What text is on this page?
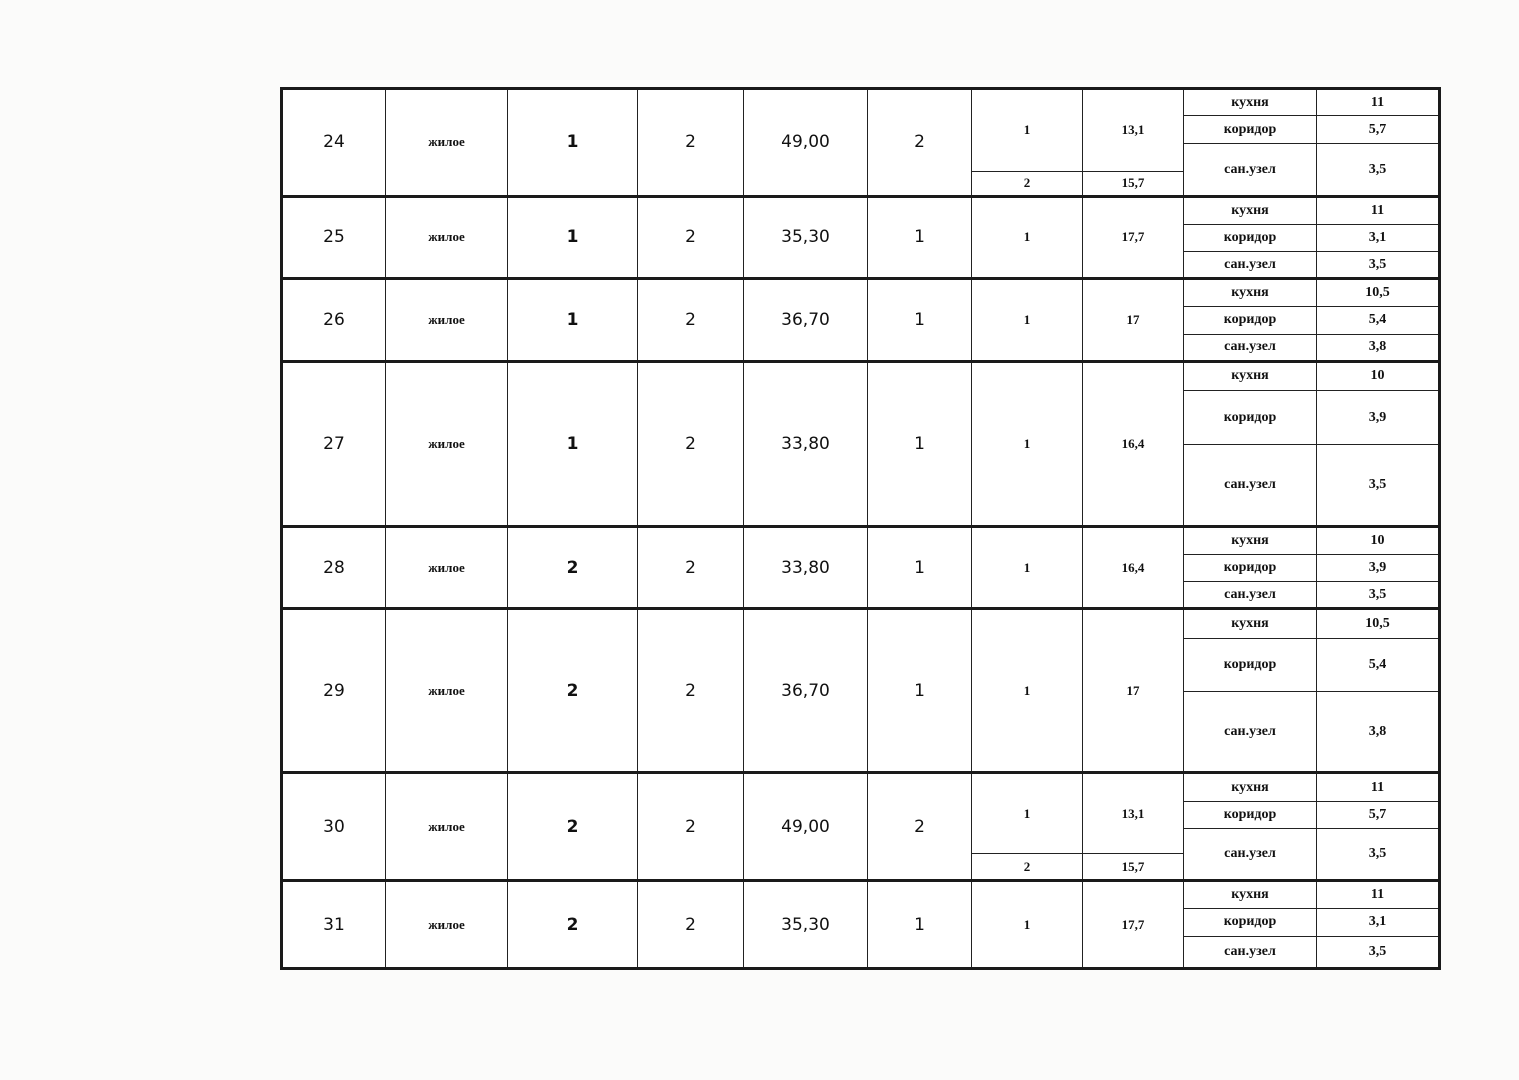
24	жилое	1	2	49,00	2	1	13,1	кухня	11
								коридор	5,7
								сан.узел	3,5
						2	15,7		
25	жилое	1	2	35,30	1	1	17,7	кухня	11
								коридор	3,1
								сан.узел	3,5
26	жилое	1	2	36,70	1	1	17	кухня	10,5
								коридор	5,4
								сан.узел	3,8
27	жилое	1	2	33,80	1	1	16,4	кухня	10
								коридор	3,9
								сан.узел	3,5
28	жилое	2	2	33,80	1	1	16,4	кухня	10
								коридор	3,9
								сан.узел	3,5
29	жилое	2	2	36,70	1	1	17	кухня	10,5
								коридор	5,4
								сан.узел	3,8
30	жилое	2	2	49,00	2	1	13,1	кухня	11
								коридор	5,7
								сан.узел	3,5
						2	15,7		
31	жилое	2	2	35,30	1	1	17,7	кухня	11
								коридор	3,1
								сан.узел	3,5
